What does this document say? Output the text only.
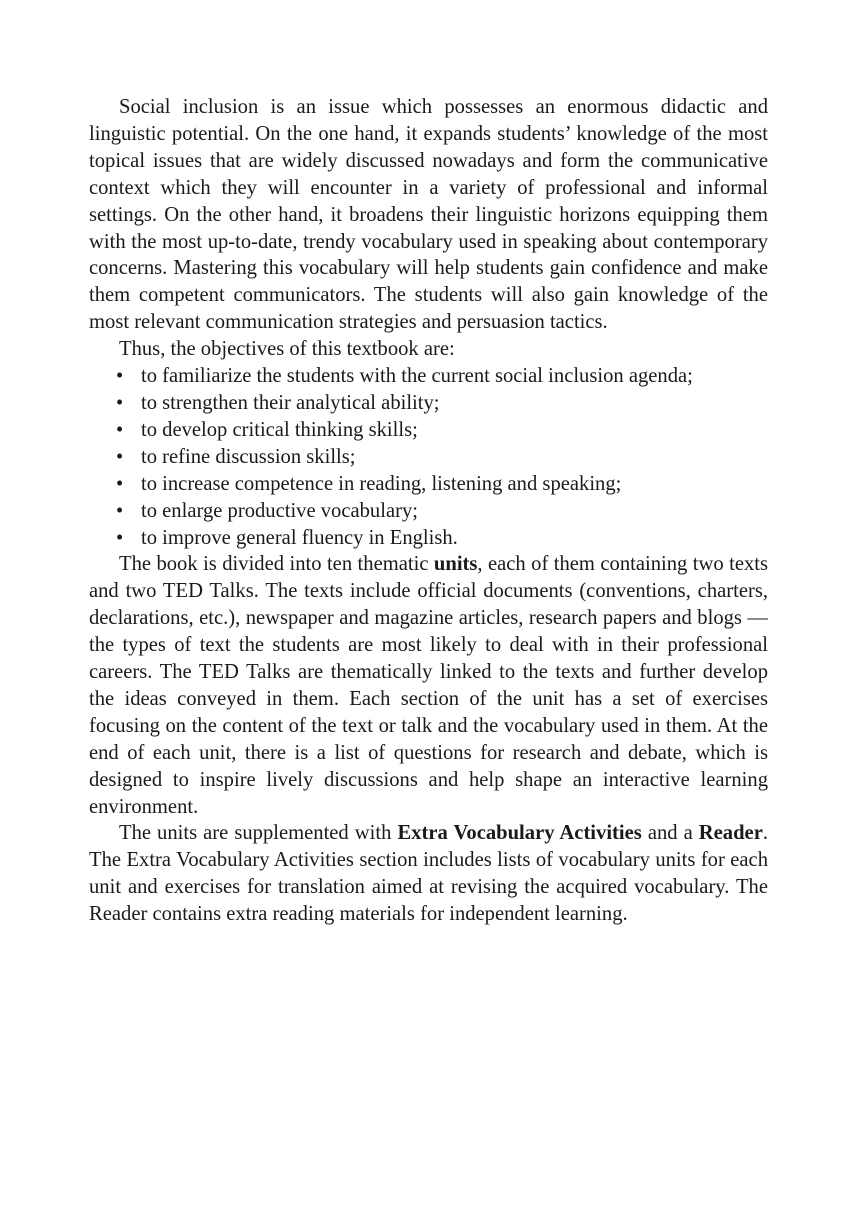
Social inclusion is an issue which possesses an enormous didactic and linguistic potential. On the one hand, it expands students’ knowledge of the most topical issues that are widely discussed nowadays and form the communicative context which they will encounter in a variety of professional and informal settings. On the other hand, it broadens their linguistic horizons equipping them with the most up-to-date, trendy vocabulary used in speaking about contemporary concerns. Mastering this vocabulary will help students gain confidence and make them competent communicators. The students will also gain knowledge of the most relevant communication strategies and persuasion tactics.

Thus, the objectives of this textbook are:

• to familiarize the students with the current social inclusion agenda;
• to strengthen their analytical ability;
• to develop critical thinking skills;
• to refine discussion skills;
• to increase competence in reading, listening and speaking;
• to enlarge productive vocabulary;
• to improve general fluency in English.

The book is divided into ten thematic units, each of them containing two texts and two TED Talks. The texts include official documents (conventions, charters, declarations, etc.), newspaper and magazine articles, research papers and blogs — the types of text the students are most likely to deal with in their professional careers. The TED Talks are thematically linked to the texts and further develop the ideas conveyed in them. Each section of the unit has a set of exercises focusing on the content of the text or talk and the vocabulary used in them. At the end of each unit, there is a list of questions for research and debate, which is designed to inspire lively discussions and help shape an interactive learning environment.

The units are supplemented with Extra Vocabulary Activities and a Reader. The Extra Vocabulary Activities section includes lists of vocabulary units for each unit and exercises for translation aimed at revising the acquired vocabulary. The Reader contains extra reading materials for independent learning.
